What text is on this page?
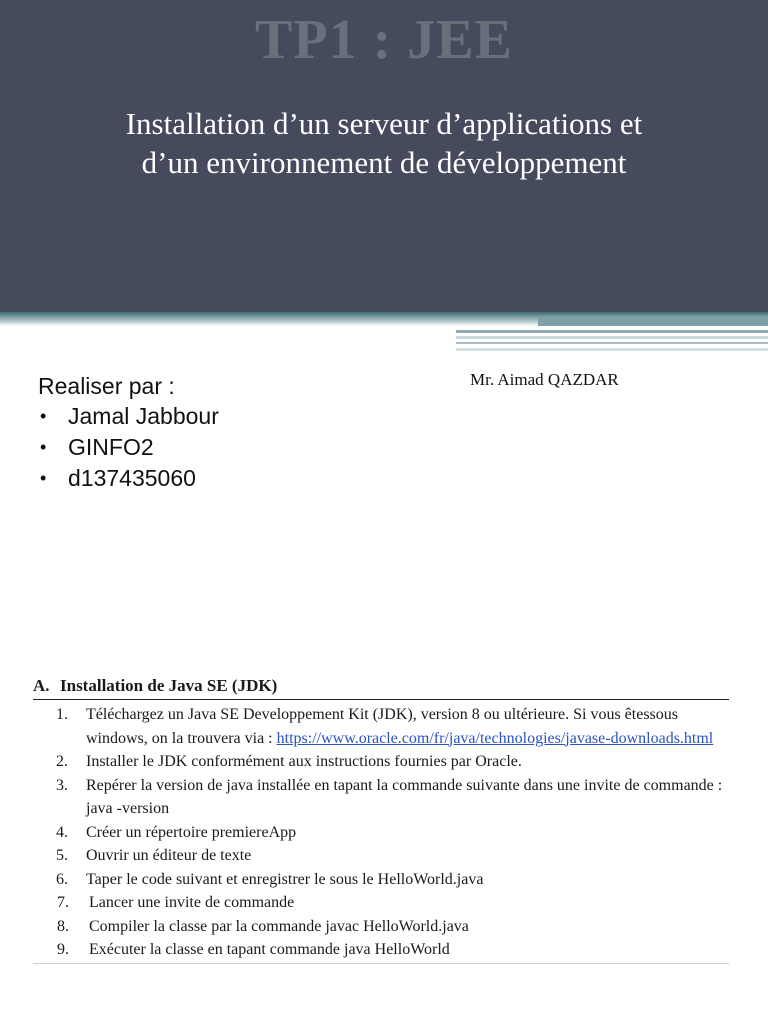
TP1 : JEE
Installation d’un serveur d’applications et
d’un environnement de développement
Realiser par :
• Jamal Jabbour
• GINFO2
• d137435060
Mr. Aimad QAZDAR
A. Installation de Java SE (JDK)
1. Téléchargez un Java SE Developpement Kit (JDK), version 8 ou ultérieure. Si vous êtessous windows, on la trouvera via : https://www.oracle.com/fr/java/technologies/javase-downloads.html
2. Installer le JDK conformément aux instructions fournies par Oracle.
3. Repérer la version de java installée en tapant la commande suivante dans une invite de commande : java -version
4. Créer un répertoire premiereApp
5. Ouvrir un éditeur de texte
6. Taper le code suivant et enregistrer le sous le HelloWorld.java
7. Lancer une invite de commande
8. Compiler la classe par la commande javac HelloWorld.java
9. Exécuter la classe en tapant commande java HelloWorld
